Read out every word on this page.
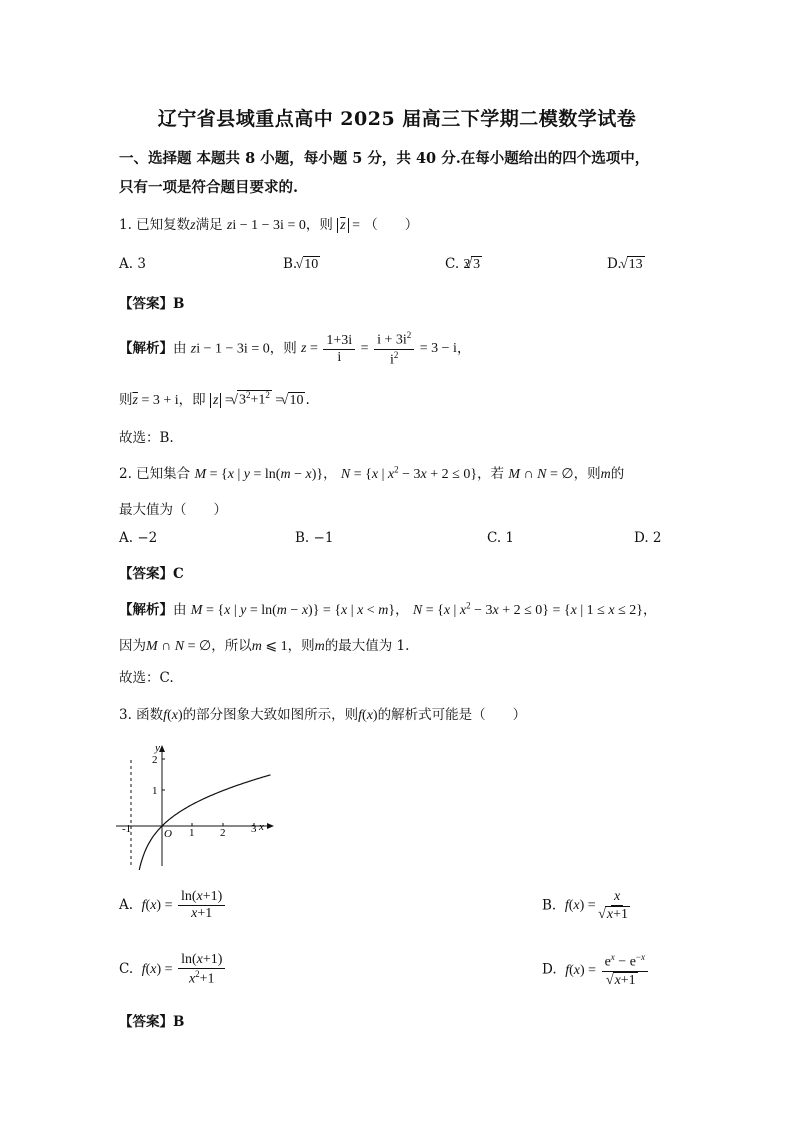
辽宁省县域重点高中 2025 届高三下学期二模数学试卷
一、选择题 本题共 8 小题，每小题 5 分，共 40 分.在每小题给出的四个选项中，
只有一项是符合题目要求的.
1. 已知复数z满足 zi − 1 − 3i = 0，则 $\overline{z}$ = （　　）
A. 3	B. √ 10	C. 2 √ 3	D. √ 13
【答案】B
【解析】由 zi − 1 − 3i = 0，则 $z = \frac{1+3i}{i} = \frac{i + 3i^2}{i^2} = 3 - i$，
则$\overline{z} = 3 + i$，即 z = √ $3^2+1^2$ = √ 10 .
故选：B.
2. 已知集合 M = {x | y = ln(m − x)}， N = {x | $x^2 - 3x + 2 \le 0$}，若 M ∩ N = ∅，则m的
最大值为（　　）
A. −2	B. −1	C. 1	D. 2
【答案】C
【解析】由 M = {x | y = ln(m − x)} = {x | x < m}， N = {x | $x^2 - 3x + 2 \le 0\} = \{x$ | 1 ≤ x ≤ 2}，
因为M ∩ N = ∅，所以m ⩽ 1，则m的最大值为 1.
故选：C.
3. 函数f(x)的部分图象大致如图所示，则f(x)的解析式可能是（　　）
-1	1 2 3
1
2
O
x
y
A. $f(x) = \frac{\ln(x+1)}{x+1}$	B. f(x) = x
√ x+1
C. $f(x) = \frac{\ln(x+1)}{x^2+1}$	D. $f(x) = e^x - e^{-x}$
√ x+1
【答案】B
